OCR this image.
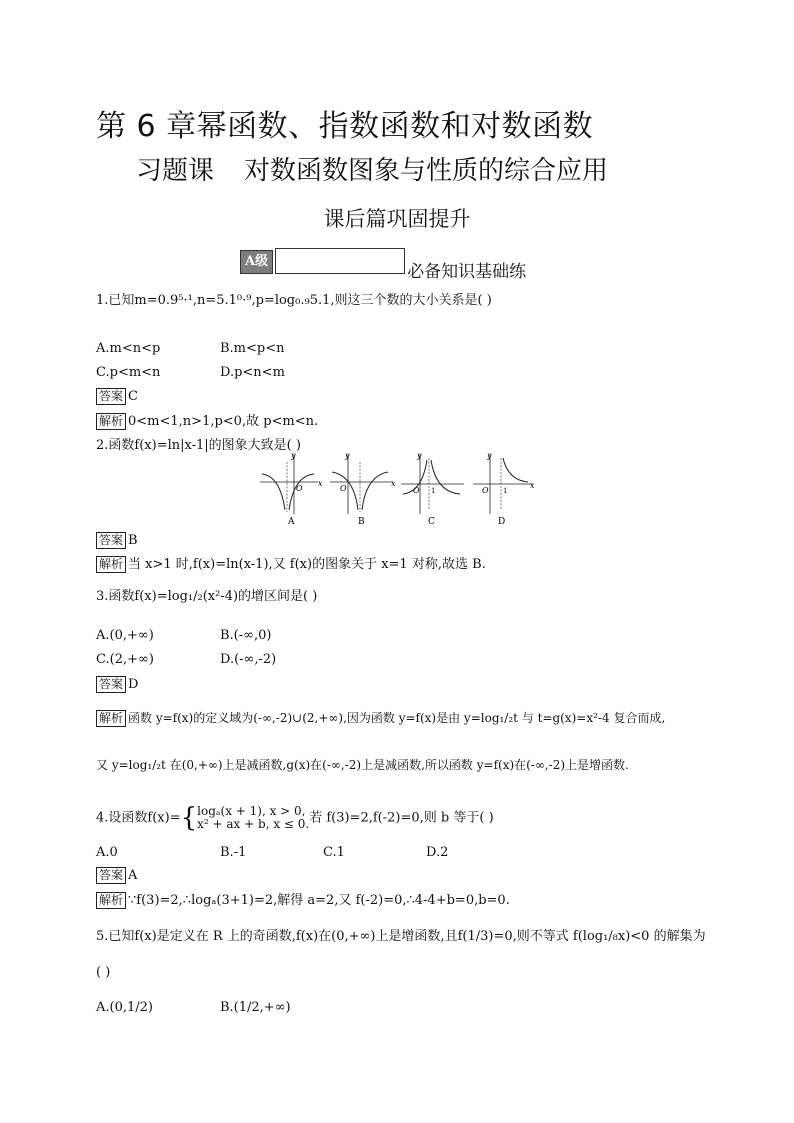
第 6 章幂函数、指数函数和对数函数
习题课 对数函数图象与性质的综合应用
课后篇巩固提升
A级
必备知识基础练
1.已知m=0.9⁵·¹,n=5.1⁰·⁹,p=log₀.₉5.1,则这三个数的大小关系是( )
A.m<n<p	B.m<p<n
C.p<m<n	D.p<n<m
答案 C
解析 0<m<1,n>1,p<0,故 p<m<n.
2.函数f(x)=ln|x-1|的图象大致是( )
y
x
O
A
y
x
O
B
y
O 1
C
y
x
O 1
D
答案 B
解析 当 x>1 时,f(x)=ln(x-1),又 f(x)的图象关于 x=1 对称,故选 B.
3.函数f(x)=log₁/₂(x²-4)的增区间是( )
A.(0,+∞)	B.(-∞,0)
C.(2,+∞)	D.(-∞,-2)
答案 D
解析 函数 y=f(x)的定义域为(-∞,-2)∪(2,+∞),因为函数 y=f(x)是由 y=log₁/₂t 与 t=g(x)=x²-4 复合而成,
又 y=log₁/₂t 在(0,+∞)上是减函数,g(x)在(-∞,-2)上是减函数,所以函数 y=f(x)在(-∞,-2)上是增函数.
4.设函数f(x)={logₐ(x + 1), x > 0,
x² + ax + b, x ≤ 0.若 f(3)=2,f(-2)=0,则 b 等于( )
A.0	B.-1	C.1	D.2
答案 A
解析 ∵f(3)=2,∴logₐ(3+1)=2,解得 a=2,又 f(-2)=0,∴4-4+b=0,b=0.
5.已知f(x)是定义在 R 上的奇函数,f(x)在(0,+∞)上是增函数,且f(1/3)=0,则不等式 f(log₁/₈x)<0 的解集为
( )
A.(0,1/2)	B.(1/2,+∞)
